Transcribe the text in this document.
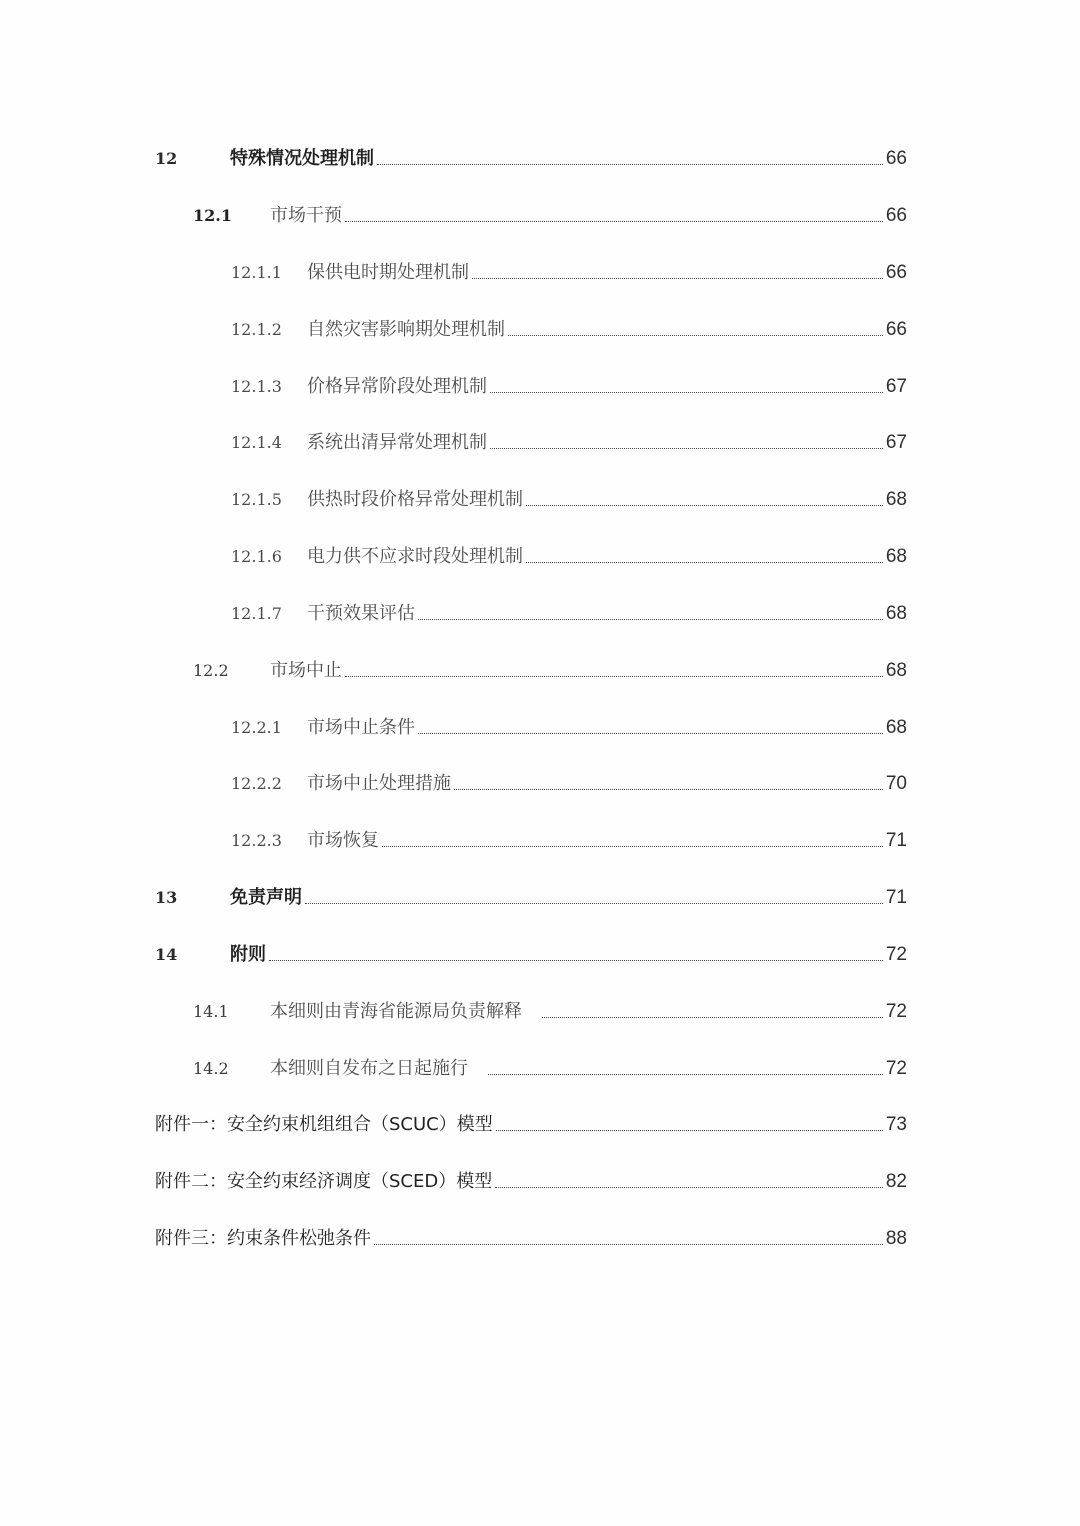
12	特殊情况处理机制	66
12.1 市场干预	66
12.1.1 保供电时期处理机制	66
12.1.2 自然灾害影响期处理机制	66
12.1.3 价格异常阶段处理机制	67
12.1.4 系统出清异常处理机制	67
12.1.5 供热时段价格异常处理机制	68
12.1.6 电力供不应求时段处理机制	68
12.1.7 干预效果评估	68
12.2 市场中止	68
12.2.1 市场中止条件	68
12.2.2 市场中止处理措施	70
12.2.3 市场恢复	71
13	免责声明	71
14	附则	72
14.1 本细则由青海省能源局负责解释	72
14.2 本细则自发布之日起施行	72
附件一：安全约束机组组合（SCUC）模型	73
附件二：安全约束经济调度（SCED）模型	82
附件三：约束条件松弛条件	88
